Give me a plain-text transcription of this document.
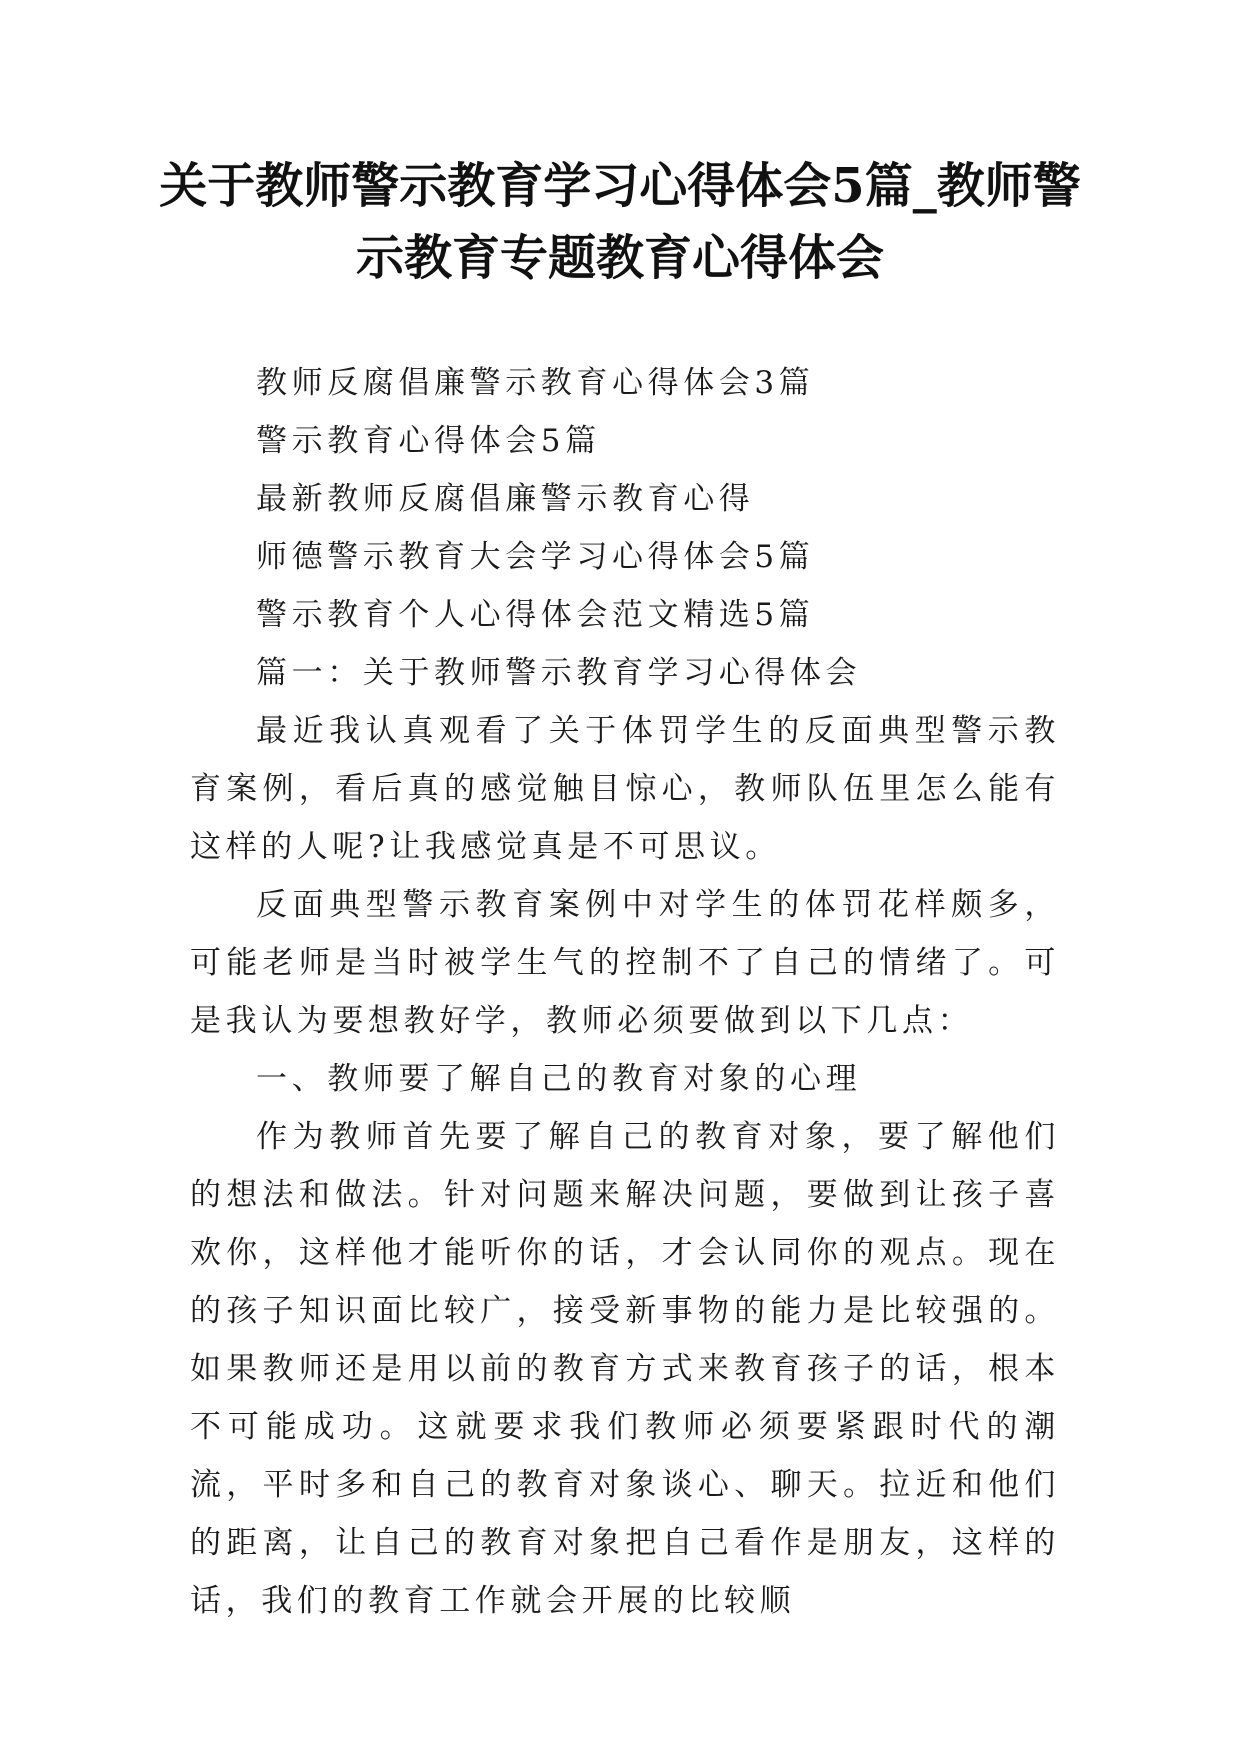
关于教师警示教育学习心得体会5篇_教师警示教育专题教育心得体会
教师反腐倡廉警示教育心得体会3篇
警示教育心得体会5篇
最新教师反腐倡廉警示教育心得
师德警示教育大会学习心得体会5篇
警示教育个人心得体会范文精选5篇

篇一：关于教师警示教育学习心得体会

最近我认真观看了关于体罚学生的反面典型警示教育案例，看后真的感觉触目惊心，教师队伍里怎么能有这样的人呢?让我感觉真是不可思议。

反面典型警示教育案例中对学生的体罚花样颇多，可能老师是当时被学生气的控制不了自己的情绪了。可是我认为要想教好学，教师必须要做到以下几点：

一、教师要了解自己的教育对象的心理

作为教师首先要了解自己的教育对象，要了解他们的想法和做法。针对问题来解决问题，要做到让孩子喜欢你，这样他才能听你的话，才会认同你的观点。现在的孩子知识面比较广，接受新事物的能力是比较强的。如果教师还是用以前的教育方式来教育孩子的话，根本不可能成功。这就要求我们教师必须要紧跟时代的潮流，平时多和自己的教育对象谈心、聊天。拉近和他们的距离，让自己的教育对象把自己看作是朋友，这样的话，我们的教育工作就会开展的比较顺
